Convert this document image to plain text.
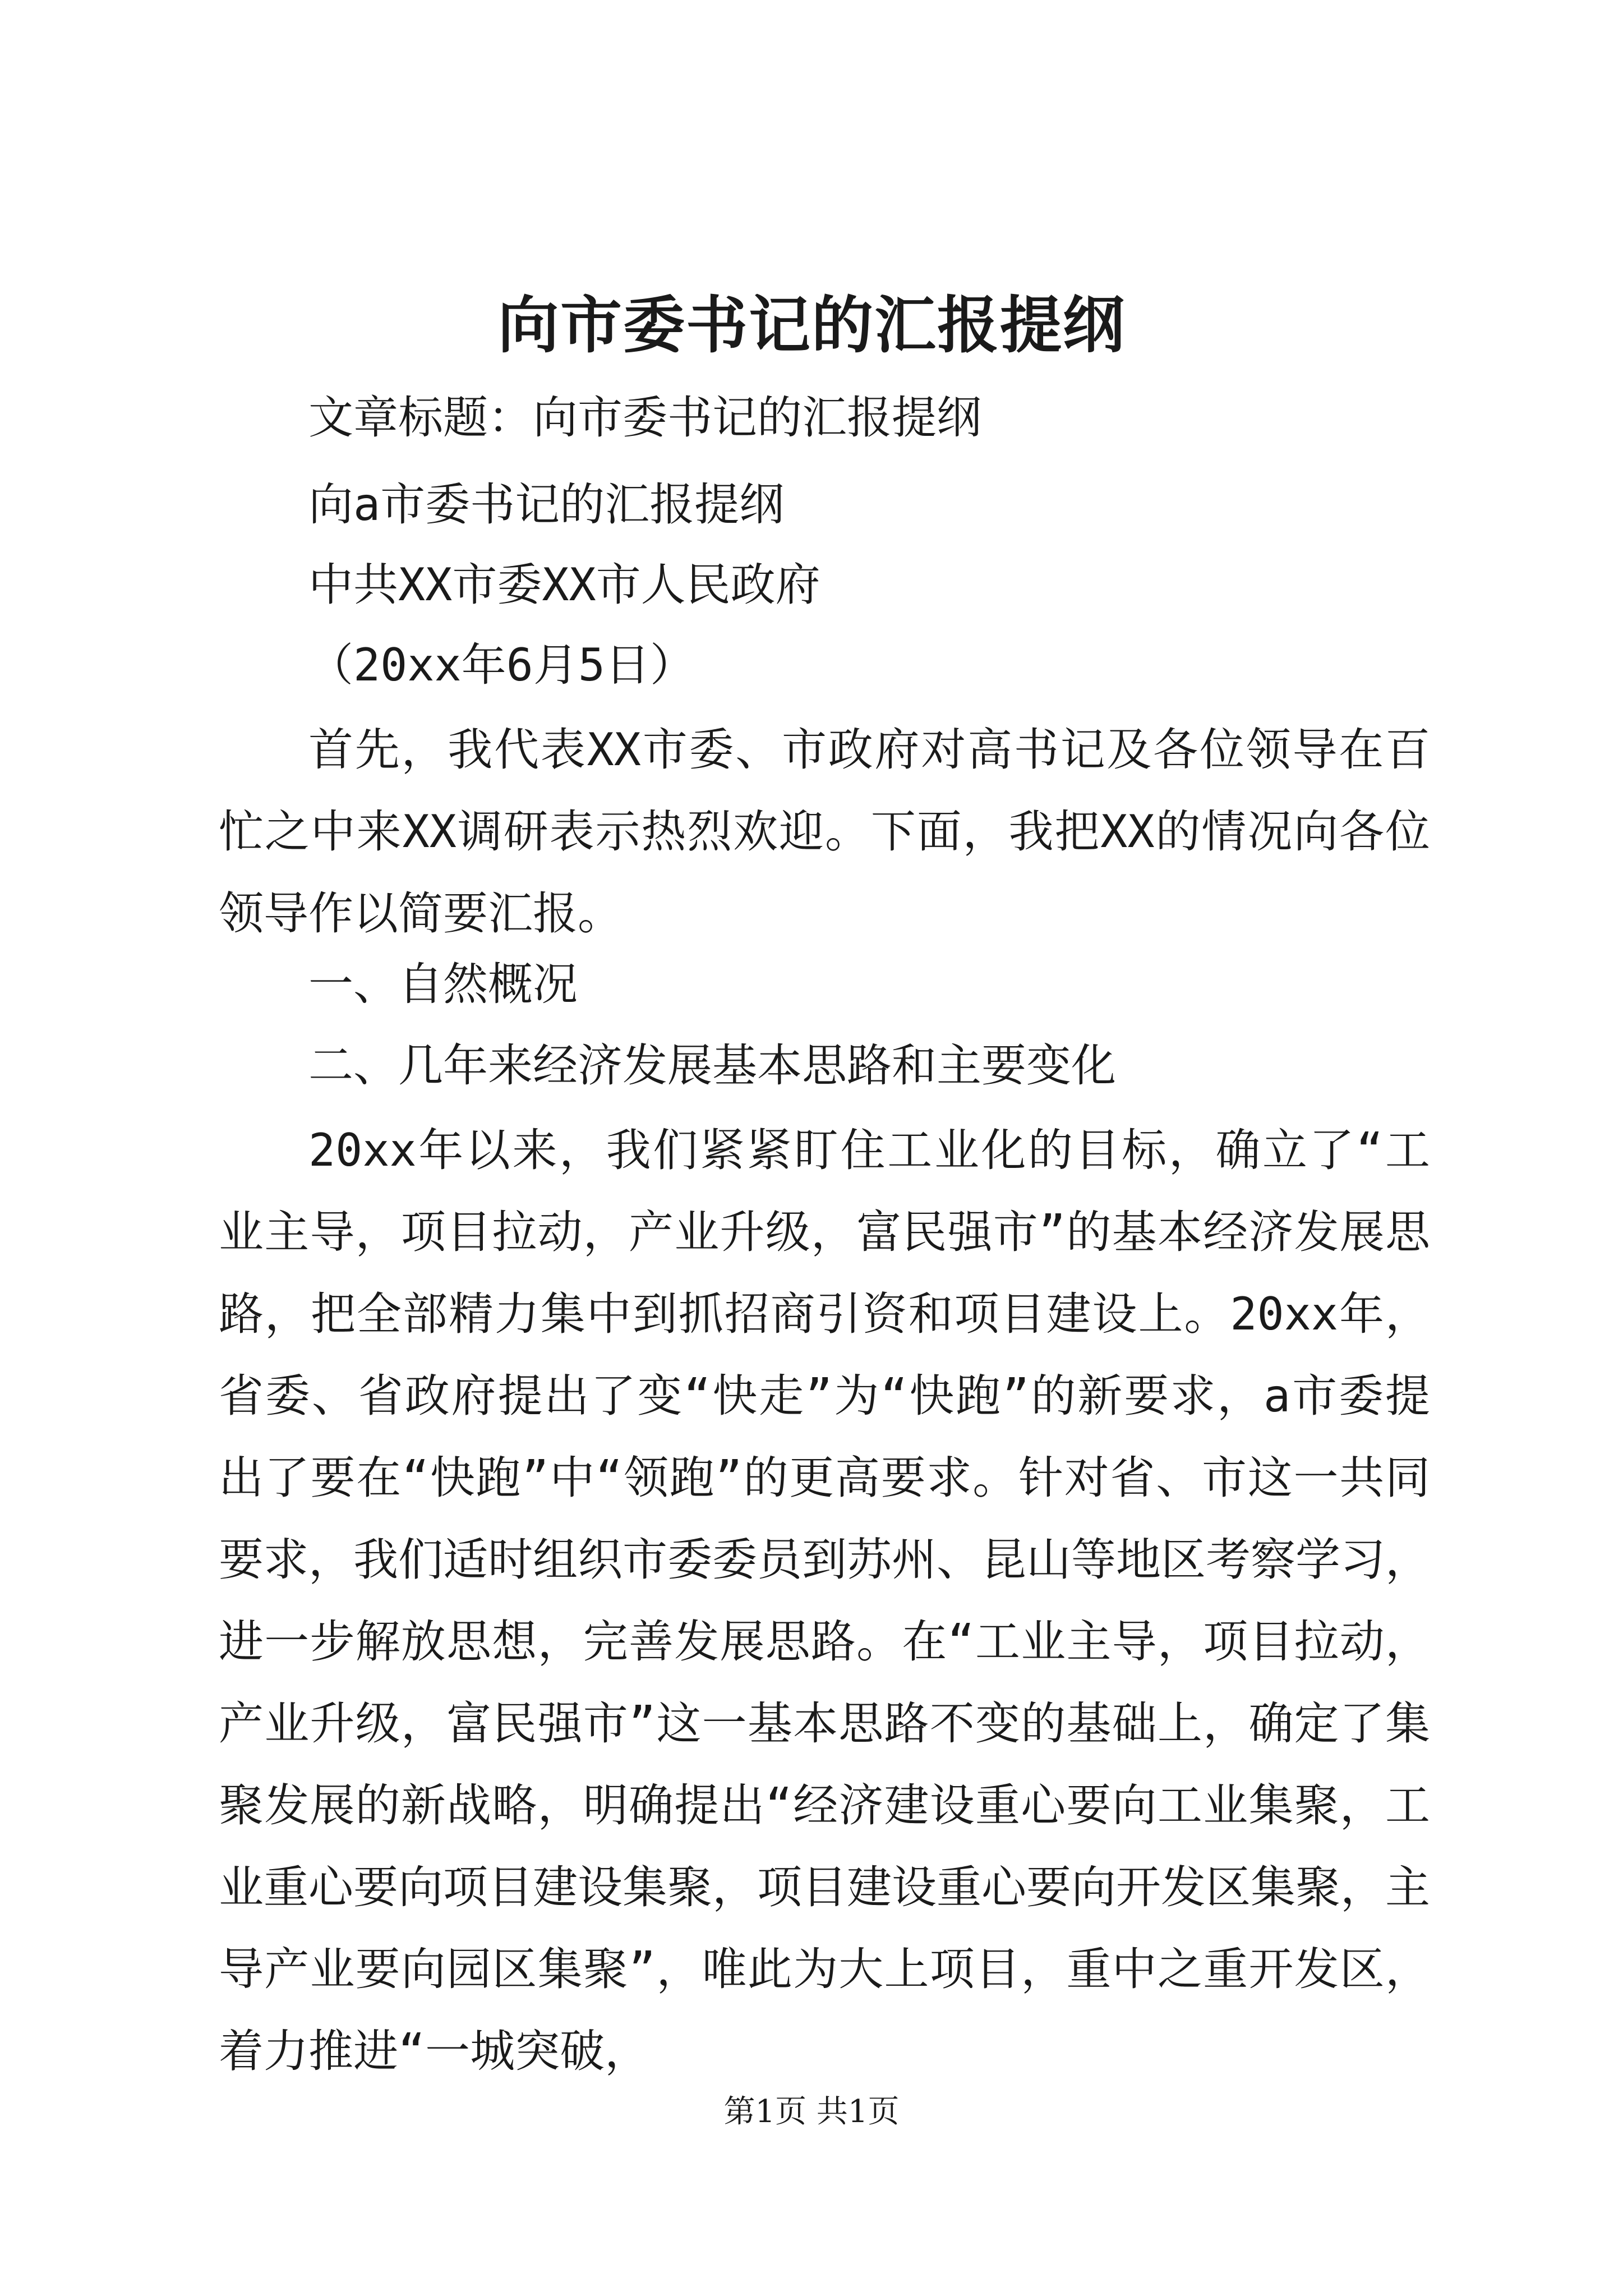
向市委书记的汇报提纲

文章标题：向市委书记的汇报提纲

向a市委书记的汇报提纲

中共XX市委XX市人民政府

（20xx年6月5日）

首先，我代表XX市委、市政府对高书记及各位领导在百忙之中来XX调研表示热烈欢迎。下面，我把XX的情况向各位领导作以简要汇报。

一、自然概况

二、几年来经济发展基本思路和主要变化

20xx年以来，我们紧紧盯住工业化的目标，确立了“工业主导，项目拉动，产业升级，富民强市”的基本经济发展思路，把全部精力集中到抓招商引资和项目建设上。20xx年，省委、省政府提出了变“快走”为“快跑”的新要求，a市委提出了要在“快跑”中“领跑”的更高要求。针对省、市这一共同要求，我们适时组织市委委员到苏州、昆山等地区考察学习，进一步解放思想，完善发展思路。在“工业主导，项目拉动，产业升级，富民强市”这一基本思路不变的基础上，确定了集聚发展的新战略，明确提出“经济建设重心要向工业集聚，工业重心要向项目建设集聚，项目建设重心要向开发区集聚，主导产业要向园区集聚”，唯此为大上项目，重中之重开发区，着力推进“一城突破，

第1页 共1页
